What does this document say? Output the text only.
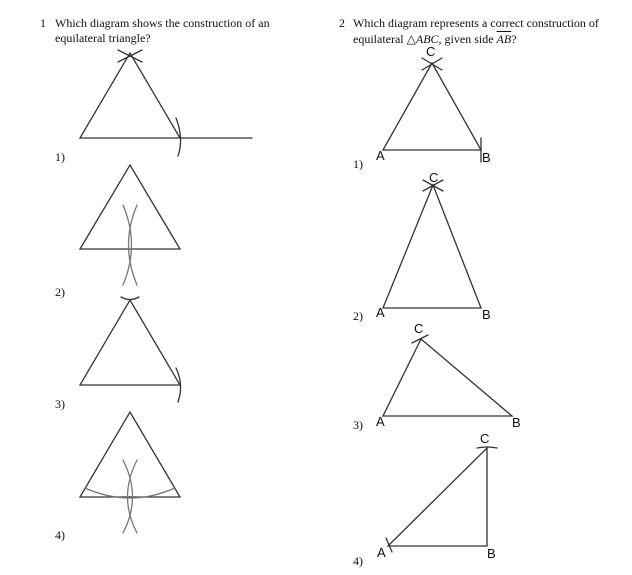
1 Which diagram shows the construction of an
equilateral triangle?
2 Which diagram represents a correct construction of
equilateral △ABC, given side $\overline{AB}$?
1)
2)
3)
4)
1)
2)
3)
4)
C
A	B
C
A	B
C
A	B
C
A	B
